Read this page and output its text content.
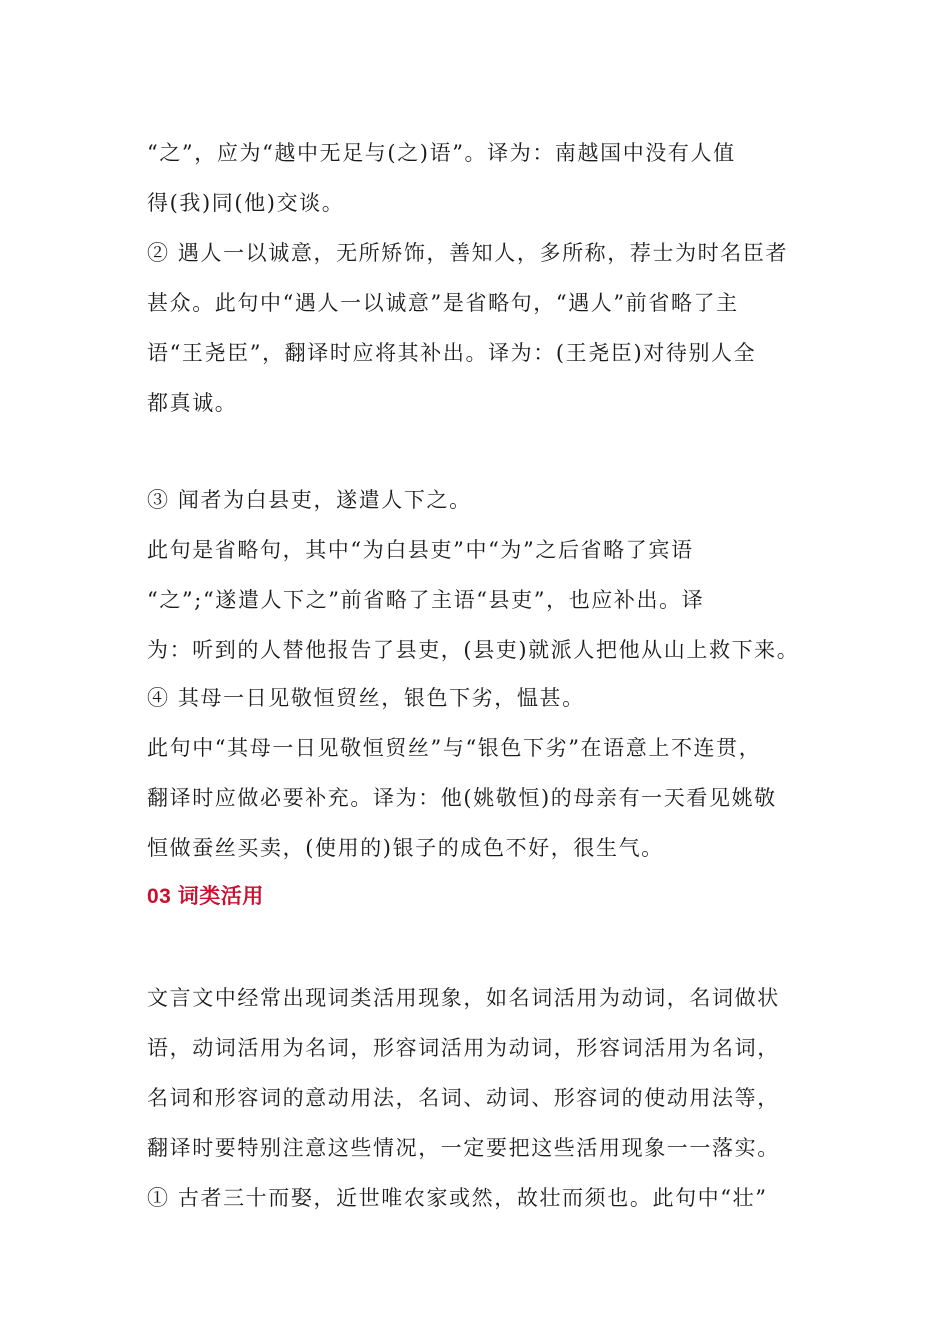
“之”，应为“越中无足与(之)语”。译为：南越国中没有人值
得(我)同(他)交谈。
② 遇人一以诚意，无所矫饰，善知人，多所称，荐士为时名臣者
甚众。此句中“遇人一以诚意”是省略句，“遇人”前省略了主
语“王尧臣”，翻译时应将其补出。译为：(王尧臣)对待别人全
都真诚。
③ 闻者为白县吏，遂遣人下之。
此句是省略句，其中“为白县吏”中“为”之后省略了宾语
“之”;“遂遣人下之”前省略了主语“县吏”，也应补出。译
为：听到的人替他报告了县吏，(县吏)就派人把他从山上救下来。
④ 其母一日见敬恒贸丝，银色下劣，愠甚。
此句中“其母一日见敬恒贸丝”与“银色下劣”在语意上不连贯，
翻译时应做必要补充。译为：他(姚敬恒)的母亲有一天看见姚敬
恒做蚕丝买卖，(使用的)银子的成色不好，很生气。
03 词类活用
文言文中经常出现词类活用现象，如名词活用为动词，名词做状
语，动词活用为名词，形容词活用为动词，形容词活用为名词，
名词和形容词的意动用法，名词、动词、形容词的使动用法等，
翻译时要特别注意这些情况，一定要把这些活用现象一一落实。
① 古者三十而娶，近世唯农家或然，故壮而须也。此句中“壮”
